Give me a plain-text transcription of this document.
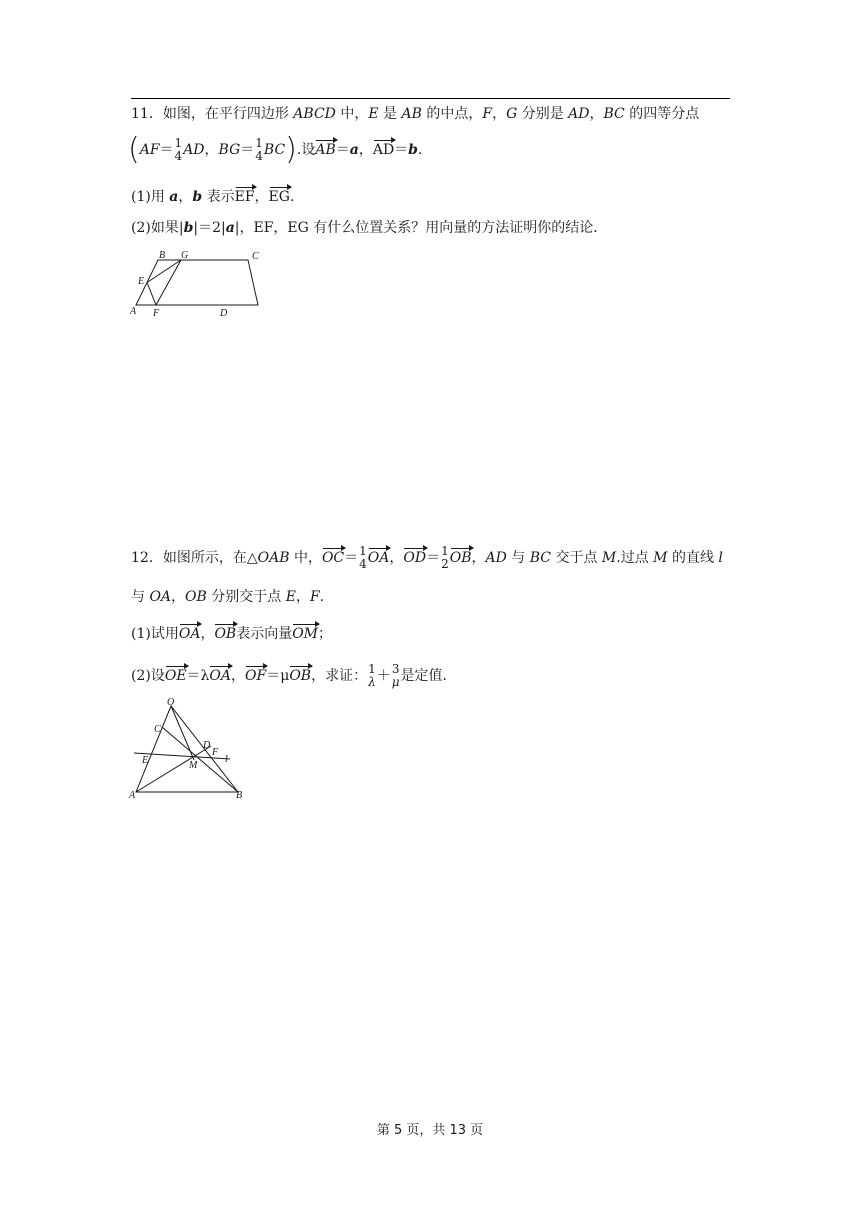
11．如图，在平行四边形 ABCD 中，E 是 AB 的中点，F，G 分别是 AD，BC 的四等分点
(AF＝ 1
4 AD，BG＝ 1
4 BC).设AB＝a，AD＝b.
(1)用 a，b 表示EF，EG.
(2)如果|b|＝2|a|，EF，EG 有什么位置关系？用向量的方法证明你的结论．
B G	C
E
A F	D
12．如图所示，在△OAB 中，OC＝ 1
4 OA，OD＝ 1
2 OB，AD 与 BC 交于点 M.过点 M 的直线 l
与 OA，OB 分别交于点 E，F.
(1)试用OA，OB表示向量OM；
(2)设OE＝λOA，OF＝μOB，求证： 1
λ ＋ 3
μ 是定值．
O
C
D
F
l
E	M
A	B
第 5 页，共 13 页
